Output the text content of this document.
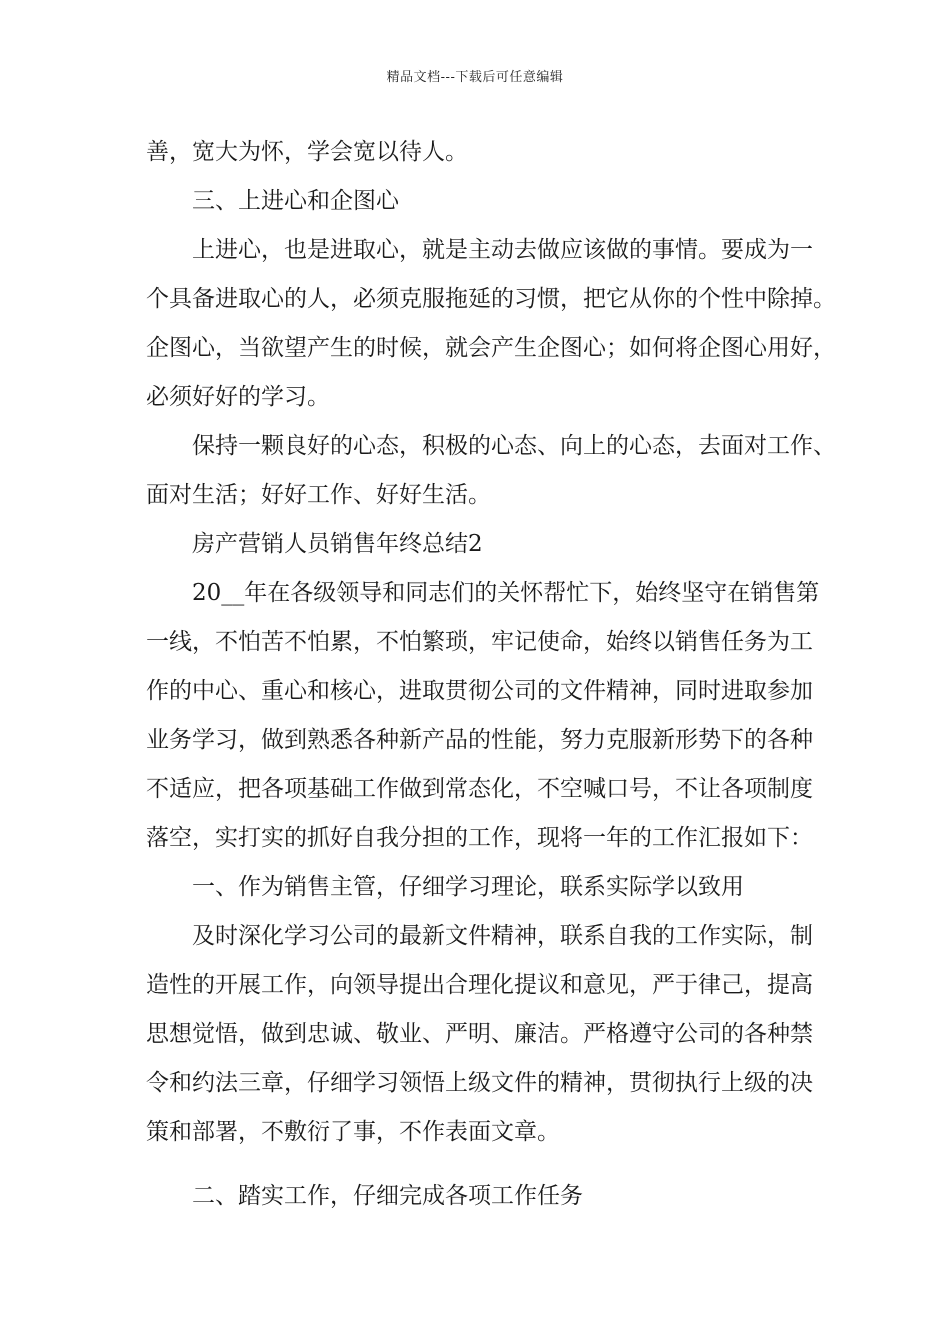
精品文档---下载后可任意编辑
善，宽大为怀，学会宽以待人。
三、上进心和企图心
上进心，也是进取心，就是主动去做应该做的事情。要成为一
个具备进取心的人，必须克服拖延的习惯，把它从你的个性中除掉。
企图心，当欲望产生的时候，就会产生企图心；如何将企图心用好，
必须好好的学习。
保持一颗良好的心态，积极的心态、向上的心态，去面对工作、
面对生活；好好工作、好好生活。
房产营销人员销售年终总结2
20__年在各级领导和同志们的关怀帮忙下，始终坚守在销售第
一线，不怕苦不怕累，不怕繁琐，牢记使命，始终以销售任务为工
作的中心、重心和核心，进取贯彻公司的文件精神，同时进取参加
业务学习，做到熟悉各种新产品的性能，努力克服新形势下的各种
不适应，把各项基础工作做到常态化，不空喊口号，不让各项制度
落空，实打实的抓好自我分担的工作，现将一年的工作汇报如下：
一、作为销售主管，仔细学习理论，联系实际学以致用
及时深化学习公司的最新文件精神，联系自我的工作实际，制
造性的开展工作，向领导提出合理化提议和意见，严于律己，提高
思想觉悟，做到忠诚、敬业、严明、廉洁。严格遵守公司的各种禁
令和约法三章，仔细学习领悟上级文件的精神，贯彻执行上级的决
策和部署，不敷衍了事，不作表面文章。
二、踏实工作，仔细完成各项工作任务
